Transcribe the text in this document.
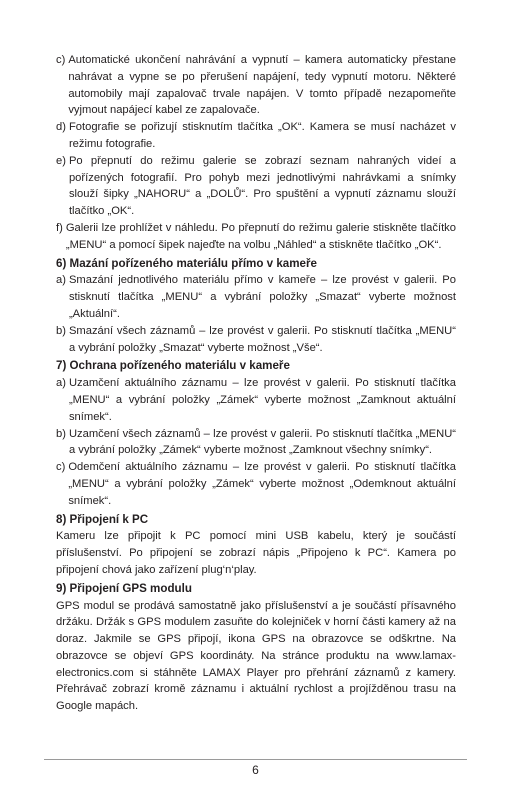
c) Automatické ukončení nahrávání a vypnutí – kamera automaticky přestane nahrávat a vypne se po přerušení napájení, tedy vypnutí motoru. Některé automobily mají zapalovač trvale napájen. V tomto případě nezapomeňte vyjmout napájecí kabel ze zapalovače.
d) Fotografie se pořizují stisknutím tlačítka „OK“. Kamera se musí nacházet v režimu fotografie.
e) Po přepnutí do režimu galerie se zobrazí seznam nahraných videí a pořízených fotografií. Pro pohyb mezi jednotlivými nahrávkami a snímky slouží šipky „NAHORU“ a „DOLŮ“. Pro spuštění a vypnutí záznamu slouží tlačítko „OK“.
f) Galerii lze prohlížet v náhledu. Po přepnutí do režimu galerie stiskněte tlačítko „MENU“ a pomocí šipek najeďte na volbu „Náhled“ a stiskněte tlačítko „OK“.
6) Mazání pořízeného materiálu přímo v kameře
a) Smazání jednotlivého materiálu přímo v kameře – lze provést v galerii. Po stisknutí tlačítka „MENU“ a vybrání položky „Smazat“ vyberte možnost „Aktuální“.
b) Smazání všech záznamů – lze provést v galerii. Po stisknutí tlačítka „MENU“ a vybrání položky „Smazat“ vyberte možnost „Vše“.
7) Ochrana pořízeného materiálu v kameře
a) Uzamčení aktuálního záznamu – lze provést v galerii. Po stisknutí tlačítka „MENU“ a vybrání položky „Zámek“ vyberte možnost „Zamknout aktuální snímek“.
b) Uzamčení všech záznamů – lze provést v galerii. Po stisknutí tlačítka „MENU“ a vybrání položky „Zámek“ vyberte možnost „Zamknout všechny snímky“.
c) Odemčení aktuálního záznamu – lze provést v galerii. Po stisknutí tlačítka „MENU“ a vybrání položky „Zámek“ vyberte možnost „Odemknout aktuální snímek“.
8) Připojení k PC
Kameru lze připojit k PC pomocí mini USB kabelu, který je součástí příslušenství. Po připojení se zobrazí nápis „Připojeno k PC“. Kamera po připojení chová jako zařízení plug‘n‘play.
9) Připojení GPS modulu
GPS modul se prodává samostatně jako příslušenství a je součástí přísavného držáku. Držák s GPS modulem zasuňte do kolejniček v horní části kamery až na doraz. Jakmile se GPS připojí, ikona GPS na obrazovce se odškrtne. Na obrazovce se objeví GPS koordináty. Na stránce produktu na www.lamax-electronics.com si stáhněte LAMAX Player pro přehrání záznamů z kamery. Přehrávač zobrazí kromě záznamu i aktuální rychlost a projížděnou trasu na Google mapách.
6
